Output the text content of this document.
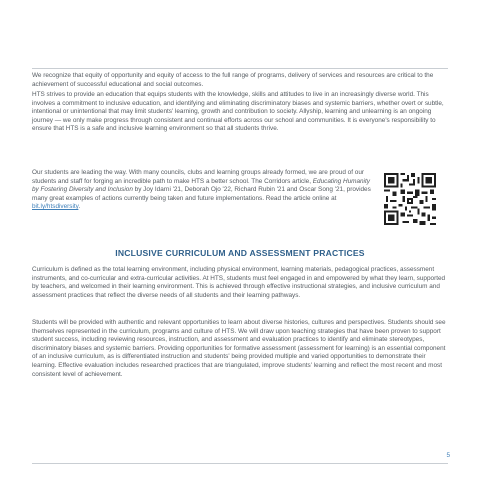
We recognize that equity of opportunity and equity of access to the full range of programs, delivery of services and resources are critical to the achievement of successful educational and social outcomes.

HTS strives to provide an education that equips students with the knowledge, skills and attitudes to live in an increasingly diverse world. This involves a commitment to inclusive education, and identifying and eliminating discriminatory biases and systemic barriers, whether overt or subtle, intentional or unintentional that may limit students' learning, growth and contribution to society. Allyship, learning and unlearning is an ongoing journey — we only make progress through consistent and continual efforts across our school and communities. It is everyone's responsibility to ensure that HTS is a safe and inclusive learning environment so that all students thrive.

Our students are leading the way. With many councils, clubs and learning groups already formed, we are proud of our students and staff for forging an incredible path to make HTS a better school. The Corridors article, Educating Humanity by Fostering Diversity and Inclusion by Joy Idarni '21, Deborah Ojo '22, Richard Rubin '21 and Oscar Song '21, provides many great examples of actions currently being taken and future implementations. Read the article online at bit.ly/htsdiversity.

INCLUSIVE CURRICULUM AND ASSESSMENT PRACTICES

Curriculum is defined as the total learning environment, including physical environment, learning materials, pedagogical practices, assessment instruments, and co-curricular and extra-curricular activities. At HTS, students must feel engaged in and empowered by what they learn, supported by teachers, and welcomed in their learning environment. This is achieved through effective instructional strategies, and inclusive curriculum and assessment practices that reflect the diverse needs of all students and their learning pathways.

Students will be provided with authentic and relevant opportunities to learn about diverse histories, cultures and perspectives. Students should see themselves represented in the curriculum, programs and culture of HTS. We will draw upon teaching strategies that have been proven to support student success, including reviewing resources, instruction, and assessment and evaluation practices to identify and eliminate stereotypes, discriminatory biases and systemic barriers. Providing opportunities for formative assessment (assessment for learning) is an essential component of an inclusive curriculum, as is differentiated instruction and students' being provided multiple and varied opportunities to demonstrate their learning. Effective evaluation includes researched practices that are triangulated, improve students' learning and reflect the most recent and most consistent level of achievement.

5
